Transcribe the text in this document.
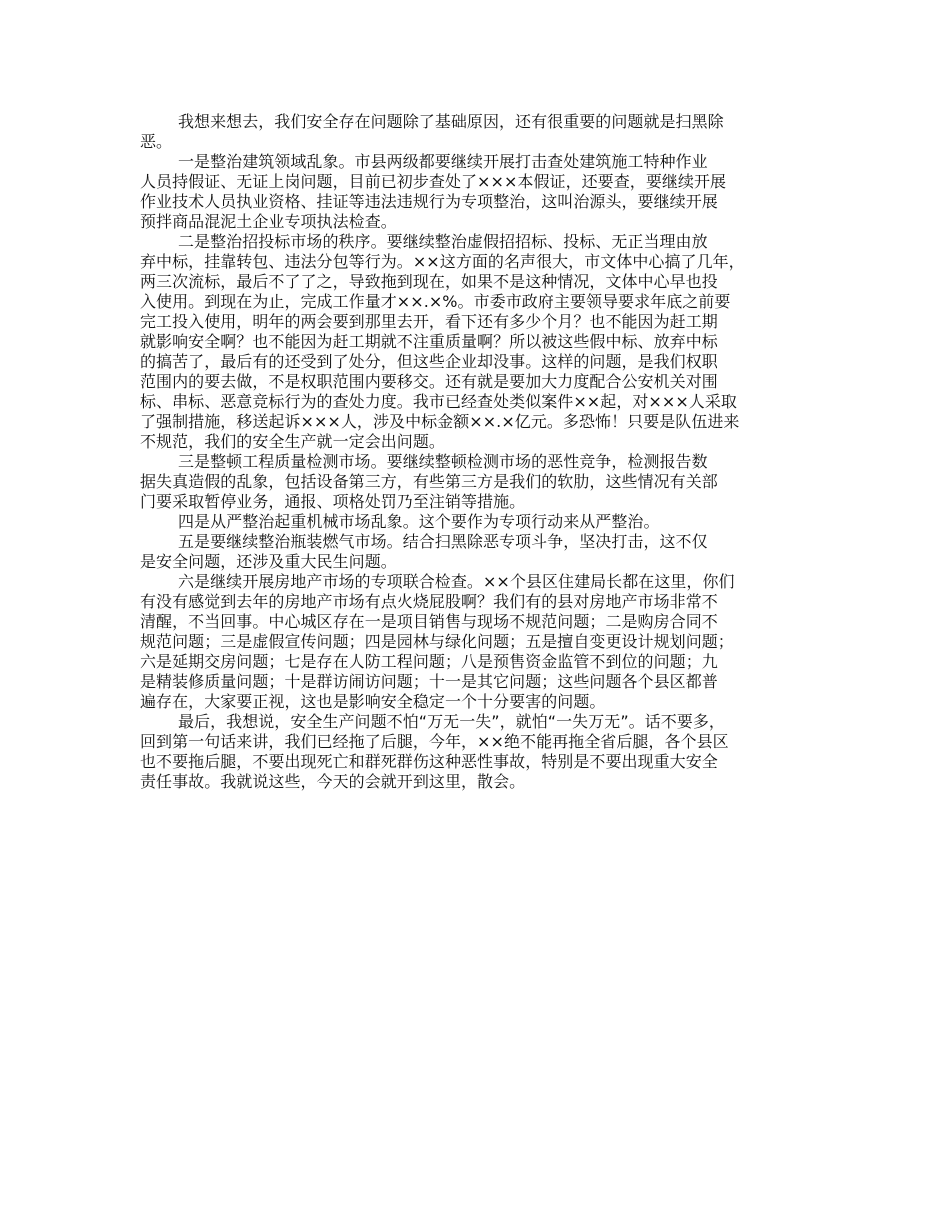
我想来想去，我们安全存在问题除了基础原因，还有很重要的问题就是扫黑除
恶。

一是整治建筑领域乱象。市县两级都要继续开展打击查处建筑施工特种作业
人员持假证、无证上岗问题，目前已初步查处了×××本假证，还要查，要继续开展
作业技术人员执业资格、挂证等违法违规行为专项整治，这叫治源头，要继续开展
预拌商品混泥土企业专项执法检查。

二是整治招投标市场的秩序。要继续整治虚假招招标、投标、无正当理由放
弃中标，挂靠转包、违法分包等行为。××这方面的名声很大，市文体中心搞了几年，
两三次流标，最后不了了之，导致拖到现在，如果不是这种情况，文体中心早也投
入使用。到现在为止，完成工作量才××.×%。市委市政府主要领导要求年底之前要
完工投入使用，明年的两会要到那里去开，看下还有多少个月？也不能因为赶工期
就影响安全啊？也不能因为赶工期就不注重质量啊？所以被这些假中标、放弃中标
的搞苦了，最后有的还受到了处分，但这些企业却没事。这样的问题，是我们权职
范围内的要去做，不是权职范围内要移交。还有就是要加大力度配合公安机关对围
标、串标、恶意竞标行为的查处力度。我市已经查处类似案件××起，对×××人采取
了强制措施，移送起诉×××人，涉及中标金额××.×亿元。多恐怖！只要是队伍进来
不规范，我们的安全生产就一定会出问题。

三是整顿工程质量检测市场。要继续整顿检测市场的恶性竞争，检测报告数
据失真造假的乱象，包括设备第三方，有些第三方是我们的软肋，这些情况有关部
门要采取暂停业务，通报、项格处罚乃至注销等措施。

四是从严整治起重机械市场乱象。这个要作为专项行动来从严整治。

五是要继续整治瓶装燃气市场。结合扫黑除恶专项斗争，坚决打击，这不仅
是安全问题，还涉及重大民生问题。

六是继续开展房地产市场的专项联合检查。××个县区住建局长都在这里，你们
有没有感觉到去年的房地产市场有点火烧屁股啊？我们有的县对房地产市场非常不
清醒，不当回事。中心城区存在一是项目销售与现场不规范问题；二是购房合同不
规范问题；三是虚假宣传问题；四是园林与绿化问题；五是擅自变更设计规划问题；
六是延期交房问题；七是存在人防工程问题；八是预售资金监管不到位的问题；九
是精装修质量问题；十是群访闹访问题；十一是其它问题；这些问题各个县区都普
遍存在，大家要正视，这也是影响安全稳定一个十分要害的问题。

最后，我想说，安全生产问题不怕“万无一失”，就怕“一失万无”。话不要多，
回到第一句话来讲，我们已经拖了后腿，今年，××绝不能再拖全省后腿，各个县区
也不要拖后腿，不要出现死亡和群死群伤这种恶性事故，特别是不要出现重大安全
责任事故。我就说这些，今天的会就开到这里，散会。
